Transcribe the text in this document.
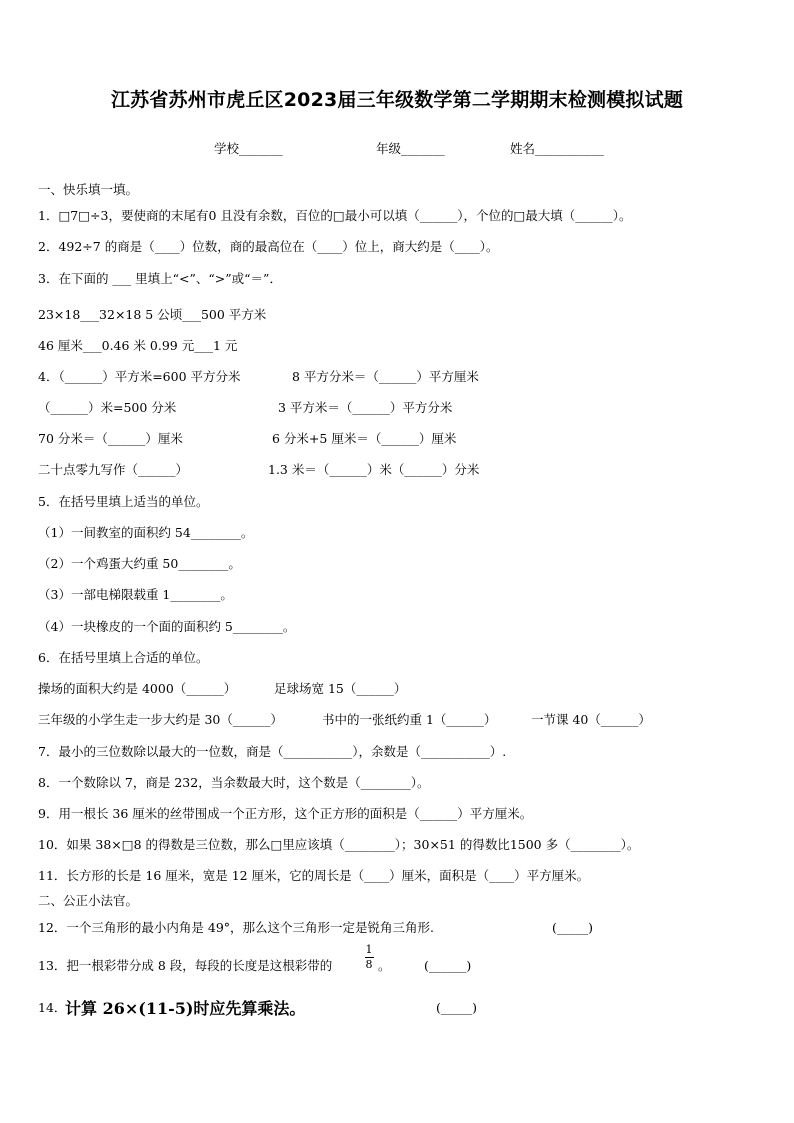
江苏省苏州市虎丘区2023届三年级数学第二学期期末检测模拟试题
学校_______	年级_______	姓名___________
一、快乐填一填。
1．□7□÷3，要使商的末尾有0 且没有余数，百位的□最小可以填（______），个位的□最大填（______）。
2．492÷7 的商是（____）位数，商的最高位在（____）位上，商大约是（____）。
3．在下面的 ___ 里填上“<”、“>”或“＝”．
23×18___32×18 5 公顷___500 平方米
46 厘米___0.46 米 0.99 元___1 元
4．（______）平方米=600 平方分米	8 平方分米＝（______）平方厘米
（______）米=500 分米	3 平方米＝（______）平方分米
70 分米＝（______）厘米	6 分米+5 厘米＝（______）厘米
二十点零九写作（______）	1.3 米＝（______）米（______）分米
5．在括号里填上适当的单位。
（1）一间教室的面积约 54________。
（2）一个鸡蛋大约重 50________。
（3）一部电梯限载重 1________。
（4）一块橡皮的一个面的面积约 5________。
6．在括号里填上合适的单位。
操场的面积大约是 4000（______）	足球场宽 15（______）
三年级的小学生走一步大约是 30（______）	书中的一张纸约重 1（______）	一节课 40（______）
7．最小的三位数除以最大的一位数，商是（___________），余数是（___________）.
8．一个数除以 7，商是 232，当余数最大时，这个数是（________）。
9．用一根长 36 厘米的丝带围成一个正方形，这个正方形的面积是（______）平方厘米。
10．如果 38×□8 的得数是三位数，那么□里应该填（________）；30×51 的得数比1500 多（________）。
11．长方形的长是 16 厘米，宽是 12 厘米，它的周长是（____）厘米，面积是（____）平方厘米。
二、公正小法官。
12．一个三角形的最小内角是 49°，那么这个三角形一定是锐角三角形.	(_____)
13．把一根彩带分成 8 段，每段的长度是这根彩带的
1
8 。	(______)
14．
计算 26×(11-5)时应先算乘法。	(_____)
